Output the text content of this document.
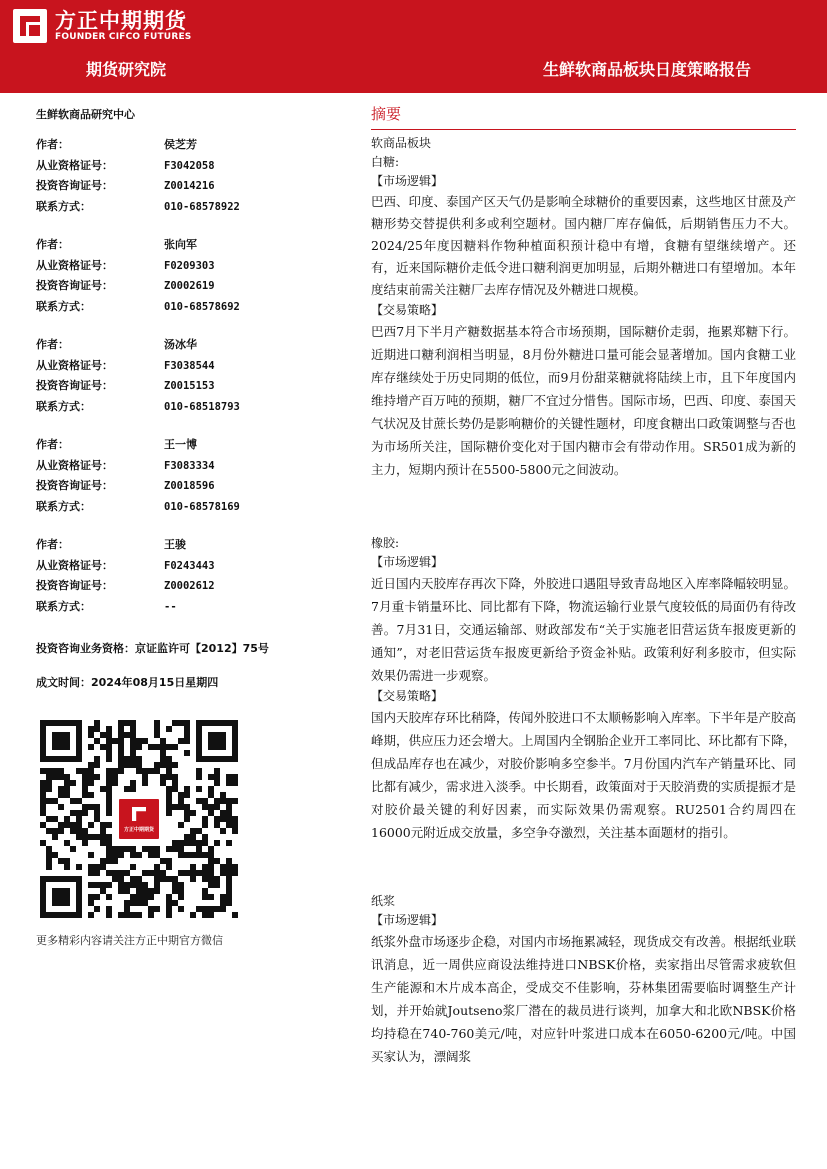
方正中期期货
FOUNDER CIFCO FUTURES
期货研究院	生鲜软商品板块日度策略报告
生鲜软商品研究中心
作者：	侯芝芳
从业资格证号：	F3042058
投资咨询证号：	Z0014216
联系方式：	010-68578922
作者：	张向军
从业资格证号：	F0209303
投资咨询证号：	Z0002619
联系方式：	010-68578692
作者：	汤冰华
从业资格证号：	F3038544
投资咨询证号：	Z0015153
联系方式：	010-68518793
作者：	王一博
从业资格证号：	F3083334
投资咨询证号：	Z0018596
联系方式：	010-68578169
作者：	王骏
从业资格证号：	F0243443
投资咨询证号：	Z0002612
联系方式：	--
投资咨询业务资格：京证监许可【2012】75号
成文时间：2024年08月15日星期四
方正中期期货
更多精彩内容请关注方正中期官方微信
摘要
软商品板块
白糖:
【市场逻辑】
巴西、印度、泰国产区天气仍是影响全球糖价的重要因素，这些地区甘蔗及产糖形势交替提供利多或利空题材。国内糖厂库存偏低，后期销售压力不大。2024/25年度因糖料作物种植面积预计稳中有增，食糖有望继续增产。还有，近来国际糖价走低令进口糖利润更加明显，后期外糖进口有望增加。本年度结束前需关注糖厂去库存情况及外糖进口规模。
【交易策略】
巴西7月下半月产糖数据基本符合市场预期，国际糖价走弱，拖累郑糖下行。近期进口糖利润相当明显，8月份外糖进口量可能会显著增加。国内食糖工业库存继续处于历史同期的低位，而9月份甜菜糖就将陆续上市，且下年度国内维持增产百万吨的预期，糖厂不宜过分惜售。国际市场，巴西、印度、泰国天气状况及甘蔗长势仍是影响糖价的关键性题材，印度食糖出口政策调整与否也为市场所关注，国际糖价变化对于国内糖市会有带动作用。SR501成为新的主力，短期内预计在5500-5800元之间波动。
橡胶:
【市场逻辑】
近日国内天胶库存再次下降，外胶进口遇阻导致青岛地区入库率降幅较明显。7月重卡销量环比、同比都有下降，物流运输行业景气度较低的局面仍有待改善。7月31日，交通运输部、财政部发布“关于实施老旧营运货车报废更新的通知”，对老旧营运货车报废更新给予资金补贴。政策利好利多胶市，但实际效果仍需进一步观察。
【交易策略】
国内天胶库存环比稍降，传闻外胶进口不太顺畅影响入库率。下半年是产胶高峰期，供应压力还会增大。上周国内全钢胎企业开工率同比、环比都有下降，但成品库存也在减少，对胶价影响多空参半。7月份国内汽车产销量环比、同比都有减少，需求进入淡季。中长期看，政策面对于天胶消费的实质提振才是对胶价最关键的利好因素，而实际效果仍需观察。RU2501合约周四在16000元附近成交放量，多空争夺激烈，关注基本面题材的指引。
纸浆
【市场逻辑】
纸浆外盘市场逐步企稳，对国内市场拖累减轻，现货成交有改善。根据纸业联讯消息，近一周供应商设法维持进口NBSK价格，卖家指出尽管需求疲软但生产能源和木片成本高企，受成交不佳影响，芬林集团需要临时调整生产计划，并开始就Joutseno浆厂潜在的裁员进行谈判，加拿大和北欧NBSK价格均持稳在740-760美元/吨，对应针叶浆进口成本在6050-6200元/吨。中国买家认为，漂阔浆
